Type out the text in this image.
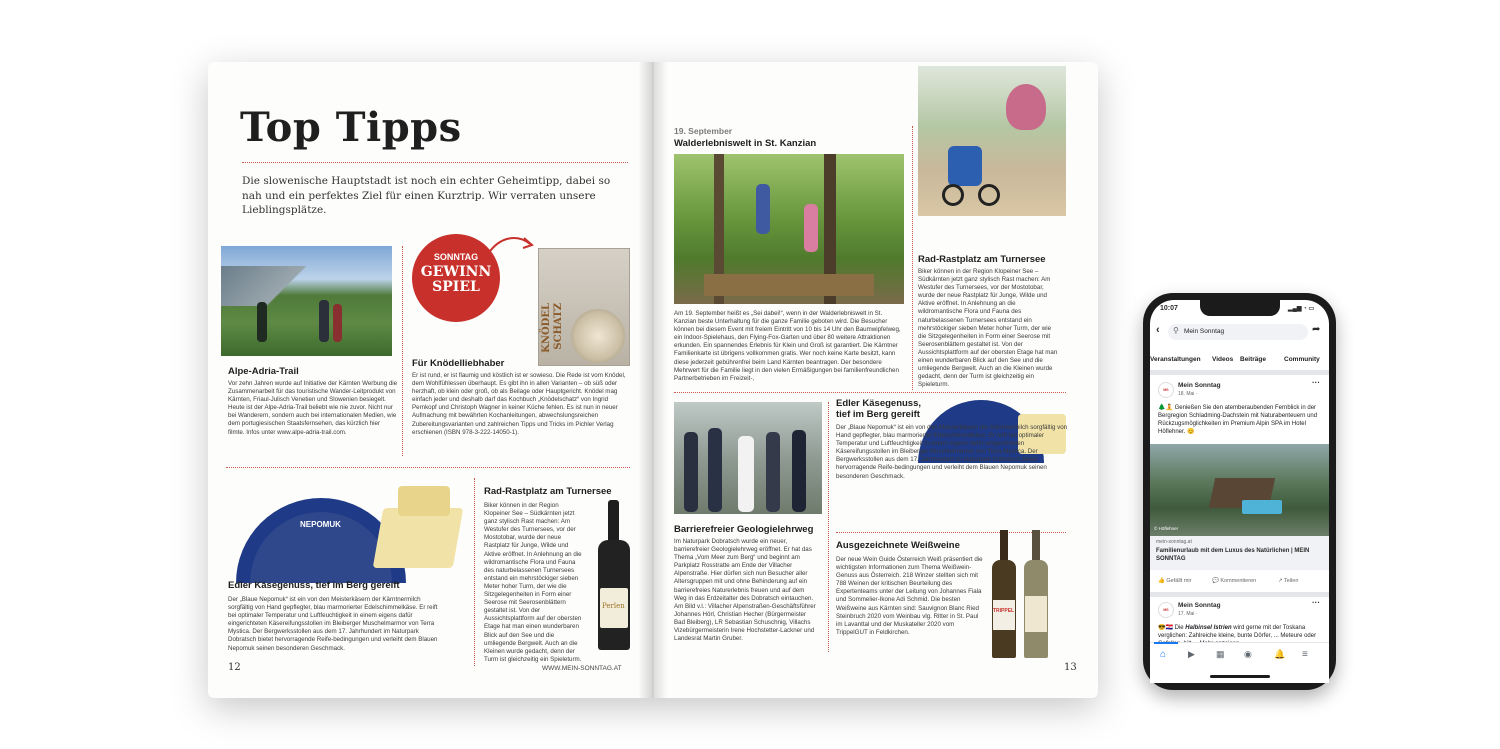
Top Tipps
Die slowenische Hauptstadt ist noch ein echter Geheimtipp, dabei so nah und ein perfektes Ziel für einen Kurztrip. Wir verraten unsere Lieblingsplätze.
Alpe-Adria-Trail
Vor zehn Jahren wurde auf Initiative der Kärnten Werbung die Zusammenarbeit für das touristische Wander-Leitprodukt von Kärnten, Friaul-Julisch Venetien und Slowenien besiegelt. Heute ist der Alpe-Adria-Trail beliebt wie nie zuvor. Nicht nur bei Wanderern, sondern auch bei internationalen Medien, wie dem portugiesischen Staatsfernsehen, das kürzlich hier filmte. Infos unter www.alpe-adria-trail.com.
SONNTAG
GEWINN
SPIEL
KNÖDEL SCHATZ
Für Knödelliebhaber
Er ist rund, er ist flaumig und köstlich ist er sowieso. Die Rede ist vom Knödel, dem Wohlfühlessen überhaupt. Es gibt ihn in allen Varianten – ob süß oder herzhaft, ob klein oder groß, ob als Beilage oder Hauptgericht. Knödel mag einfach jeder und deshalb darf das Kochbuch „Knödelschatz“ von Ingrid Pernkopf und Christoph Wagner in keiner Küche fehlen. Es ist nun in neuer Aufmachung mit bewährten Kochanleitungen, abwechslungsreichen Zubereitungsvarianten und zahlreichen Tipps und Tricks im Pichler Verlag erschienen (ISBN 978-3-222-14050-1).
NEPOMUK
Edler Käsegenuss, tief im Berg gereift
Der „Blaue Nepomuk“ ist ein von den Meisterkäsern der Kärntnermilch sorgfältig von Hand gepflegter, blau marmorierter Edelschimmelkäse. Er reift bei optimaler Temperatur und Luftfeuchtigkeit in einem eigens dafür eingerichteten Käsereifungsstollen im Bleiberger Muschelmarmor von Terra Mystica. Der Bergwerksstollen aus dem 17. Jahrhundert im Naturpark Dobratsch bietet hervorragende Reife-bedingungen und verleiht dem Blauen Nepomuk seinen besonderen Geschmack.
Rad-Rastplatz am Turnersee
Biker können in der Region Klopeiner See – Südkärnten jetzt ganz stylisch Rast machen: Am Westufer des Turnersees, vor der Mostotobar, wurde der neue Rastplatz für Junge, Wilde und Aktive eröffnet. In Anlehnung an die wildromantische Flora und Fauna des naturbelassenen Turnersees entstand ein mehrstöckiger sieben Meter hoher Turm, der wie die Sitzgelegenheiten in Form einer Seerose mit Seerosenblättern gestaltet ist. Von der Aussichtsplattform auf der obersten Etage hat man einen wunderbaren Blick auf den See und die umliegende Bergwelt. Auch an die Kleinen wurde gedacht, denn der Turm ist gleichzeitig ein Spieleturm.
Perlen
12	WWW.MEIN-SONNTAG.AT
19. September
Walderlebniswelt in St. Kanzian
Am 19. September heißt es „Sei dabei!“, wenn in der Walderlebniswelt in St. Kanzian beste Unterhaltung für die ganze Familie geboten wird. Die Besucher können bei diesem Event mit freiem Eintritt von 10 bis 14 Uhr den Baumwipfelweg, ein Indoor-Spielehaus, den Flying-Fox-Garten und über 80 weitere Attraktionen erkunden. Ein spannendes Erlebnis für Klein und Groß ist garantiert. Die Kärntner Familienkarte ist übrigens vollkommen gratis. Wer noch keine Karte besitzt, kann diese jederzeit gebührenfrei beim Land Kärnten beantragen. Der besondere Mehrwert für die Familie liegt in den vielen Ermäßigungen bei familienfreundlichen Partnerbetrieben im Freizeit-,
Rad-Rastplatz am Turnersee
Biker können in der Region Klopeiner See – Südkärnten jetzt ganz stylisch Rast machen: Am Westufer des Turnersees, vor der Mostotobar, wurde der neue Rastplatz für Junge, Wilde und Aktive eröffnet. In Anlehnung an die wildromantische Flora und Fauna des naturbelassenen Turnersees entstand ein mehrstöckiger sieben Meter hoher Turm, der wie die Sitzgelegenheiten in Form einer Seerose mit Seerosenblättern gestaltet ist. Von der Aussichtsplattform auf der obersten Etage hat man einen wunderbaren Blick auf den See und die umliegende Bergwelt. Auch an die Kleinen wurde gedacht, denn der Turm ist gleichzeitig ein Spieleturm.
Barrierefreier Geologielehrweg
Im Naturpark Dobratsch wurde ein neuer, barrierefreier Geologielehrweg eröffnet. Er hat das Thema „Vom Meer zum Berg“ und beginnt am Parkplatz Rosstratte am Ende der Villacher Alpenstraße. Hier dürfen sich nun Besucher aller Altersgruppen mit und ohne Behinderung auf ein barrierefreies Naturerlebnis freuen und auf dem Weg in das Erdzeitalter des Dobratsch eintauchen. Am Bild v.l.: Villacher Alpenstraßen-Geschäftsführer Johannes Hörl, Christian Hecher (Bürgermeister Bad Bleiberg), LR Sebastian Schuschnig, Villachs Vizebürgermeisterin Irene Hochstetter-Lackner und Landesrat Martin Gruber.
Edler Käsegenuss,
tief im Berg gereift
Der „Blaue Nepomuk“ ist ein von den Meisterkäsern der Kärntnermilch sorgfältig von Hand gepflegter, blau marmorierter Edelschimmelkäse. Er reift bei optimaler Temperatur und Luftfeuchtigkeit in einem eigens dafür eingerichteten Käsereifungsstollen im Bleiberger Muschelmarmor von Terra Mystica. Der Bergwerksstollen aus dem 17. Jahrhundert im Naturpark Dobratsch bietet hervorragende Reife-bedingungen und verleiht dem Blauen Nepomuk seinen besonderen Geschmack.
Ausgezeichnete Weißweine
Der neue Wein Guide Österreich Weiß präsentiert die wichtigsten Informationen zum Thema Weißwein-Genuss aus Österreich. 218 Winzer stellten sich mit 788 Weinen der kritischen Beurteilung des Expertenteams unter der Leitung von Johannes Fiala und Sommelier-Ikone Adi Schmid. Die besten Weißweine aus Kärnten sind: Sauvignon Blanc Ried Steinbruch 2020 vom Weinbau vlg. Ritter in St. Paul im Lavanttal und der Muskateller 2020 vom TrippelGUT in Feldkirchen.
TRIPPEL
13
10:07	▂▄▆ ◔ ▭
‹ ⚲ Mein Sonntag	➦
Veranstaltungen Videos Beiträge	Community
MS
Mein Sonntag
18. Mai ·
···
🌲🧘 Genießen Sie den atemberaubenden Fernblick in der Bergregion Schladming-Dachstein mit Naturabenteuern und Rückzugsmöglichkeiten im Premium Alpin SPA im Hotel Höflehner. 😊
© Höflehner
mein-sonntag.at
Familienurlaub mit dem Luxus des Natürlichen | MEIN SONNTAG
👍 Gefällt mir	💬 Kommentieren	↗ Teilen
MS
Mein Sonntag
17. Mai ·
···
😎🇭🇷 Die Halbinsel Istrien wird gerne mit der Toskana verglichen: Zahlreiche kleine, bunte Dörfer, ... Meteure oder
⌂ ▶ ▦ ◉ 🔔 ≡
